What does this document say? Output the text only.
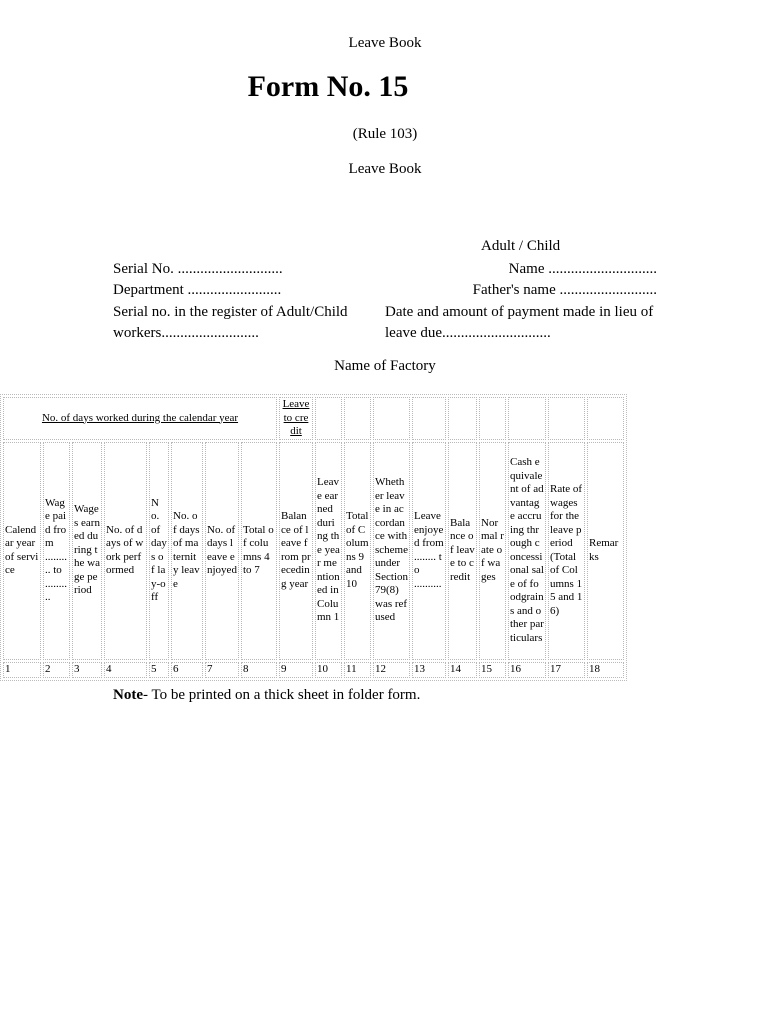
Leave Book
Form No. 15
(Rule 103)
Leave Book
Adult / Child
Serial No. ............................	Name .............................
Department .........................	Father's name ..........................
Serial no. in the register of Adult/Child workers..........................
Date and amount of payment made in lieu of leave due.............................
Name of Factory
No. of days worked during the calendar year								Leave to credit									
Calendar year of service	Wage paid from .......... to ........ ..	Wages earned during the wage period	No. of days of work performed	No. of days of lay-off	No. of days of maternity leave	No. of days leave enjoyed	Total of columns 4 to 7	Balance of leave from preceding year	Leave earned during the year mentioned in Column 1	Total of Columns 9 and 10	Whether leave in accordance with scheme under Section 79(8) was refused	Leave enjoyed from ........ to ..........	Balance of leave to credit	Normal rate of wages	Cash equivalent of advantage accruing through concessional sale of foodgrains and other particulars	Rate of wages for the leave period (Total of Columns 15 and 16)	Remarks
1	2	3	4	5	6	7	8	9	10	11	12	13	14	15	16	17	18
Note- To be printed on a thick sheet in folder form.
